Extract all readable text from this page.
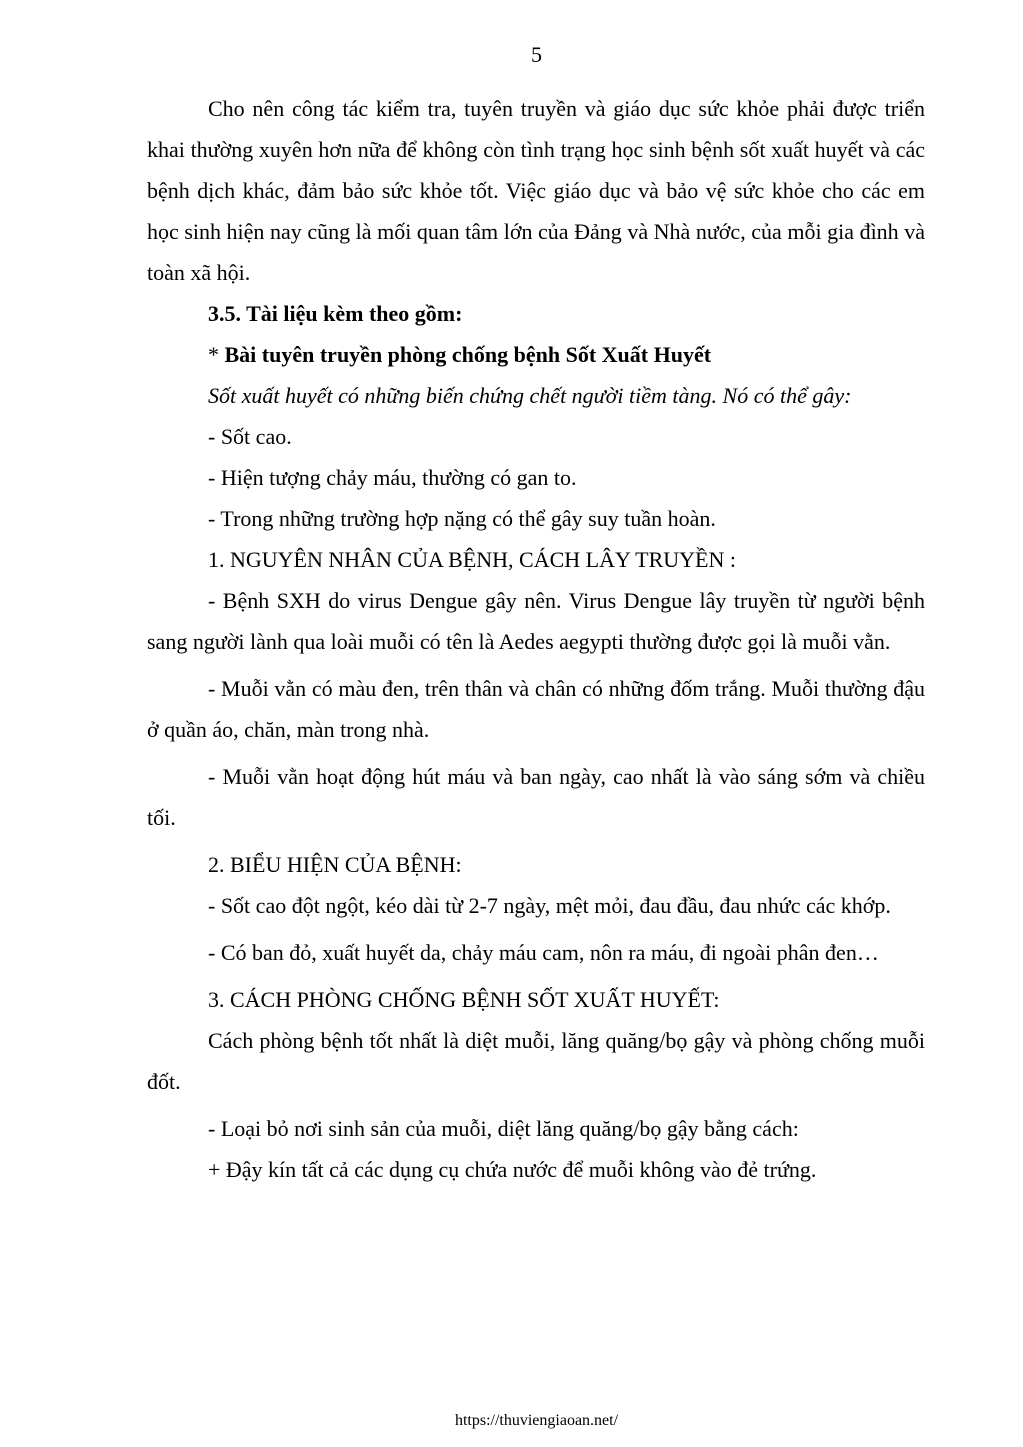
5

Cho nên công tác kiểm tra, tuyên truyền và giáo dục sức khỏe phải được triển khai thường xuyên hơn nữa để không còn tình trạng học sinh bệnh sốt xuất huyết và các bệnh dịch khác, đảm bảo sức khỏe tốt. Việc giáo dục và bảo vệ sức khỏe cho các em học sinh hiện nay cũng là mối quan tâm lớn của Đảng và Nhà nước, của mỗi gia đình và toàn xã hội.

3.5. Tài liệu kèm theo gồm:

* Bài tuyên truyền phòng chống bệnh Sốt Xuất Huyết

Sốt xuất huyết có những biến chứng chết người tiềm tàng. Nó có thể gây:

- Sốt cao.

- Hiện tượng chảy máu, thường có gan to.

- Trong những trường hợp nặng có thể gây suy tuần hoàn.

1. NGUYÊN NHÂN CỦA BỆNH, CÁCH LÂY TRUYỀN :

- Bệnh SXH do virus Dengue gây nên. Virus Dengue lây truyền từ người bệnh sang người lành qua loài muỗi có tên là Aedes aegypti thường được gọi là muỗi vằn.

- Muỗi vằn có màu đen, trên thân và chân có những đốm trắng. Muỗi thường đậu ở quần áo, chăn, màn trong nhà.

- Muỗi vằn hoạt động hút máu và ban ngày, cao nhất là vào sáng sớm và chiều tối.

2. BIỂU HIỆN CỦA BỆNH:

- Sốt cao đột ngột, kéo dài từ 2-7 ngày, mệt mỏi, đau đầu, đau nhức các khớp.

- Có ban đỏ, xuất huyết da, chảy máu cam, nôn ra máu, đi ngoài phân đen…

3. CÁCH PHÒNG CHỐNG BỆNH SỐT XUẤT HUYẾT:

Cách phòng bệnh tốt nhất là diệt muỗi, lăng quăng/bọ gậy và phòng chống muỗi đốt.

- Loại bỏ nơi sinh sản của muỗi, diệt lăng quăng/bọ gậy bằng cách:

+ Đậy kín tất cả các dụng cụ chứa nước để muỗi không vào đẻ trứng.

https://thuviengiaoan.net/
